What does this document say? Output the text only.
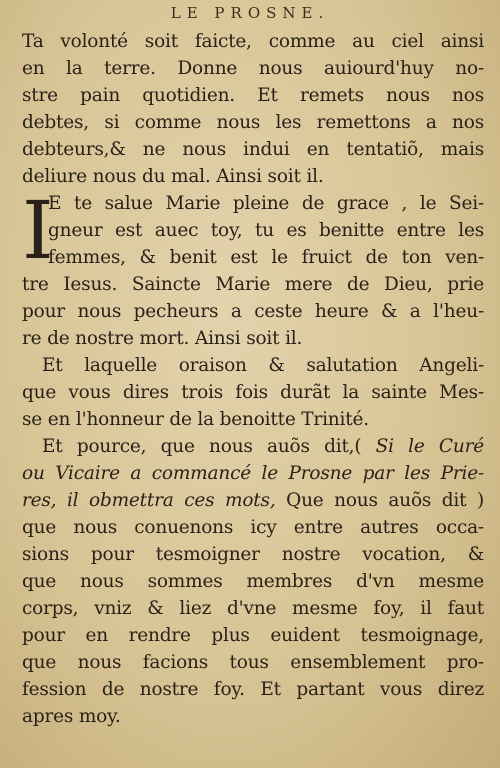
LE PROSNE.
Ta volonté soit faicte, comme au ciel ainsi
en la terre. Donne nous auiourd'huy no-
stre pain quotidien. Et remets nous nos
debtes, si comme nous les remettons a nos
debteurs,& ne nous indui en tentatiõ, mais
deliure nous du mal. Ainsi soit il.
I
E te salue Marie pleine de grace , le Sei-
gneur est auec toy, tu es benitte entre les
femmes, & benit est le fruict de ton ven-
tre Iesus. Saincte Marie mere de Dieu, prie
pour nous pecheurs a ceste heure & a l'heu-
re de nostre mort. Ainsi soit il.
Et laquelle oraison & salutation Angeli-
que vous dires trois fois durãt la sainte Mes-
se en l'honneur de la benoitte Trinité.
Et pource, que nous auõs dit,( Si le Curé
ou Vicaire a commancé le Prosne par les Prie-
res, il obmettra ces mots, Que nous auõs dit )
que nous conuenons icy entre autres occa-
sions pour tesmoigner nostre vocation, &
que nous sommes membres d'vn mesme
corps, vniz & liez d'vne mesme foy, il faut
pour en rendre plus euident tesmoignage,
que nous facions tous ensemblement pro-
fession de nostre foy. Et partant vous direz
apres moy.
